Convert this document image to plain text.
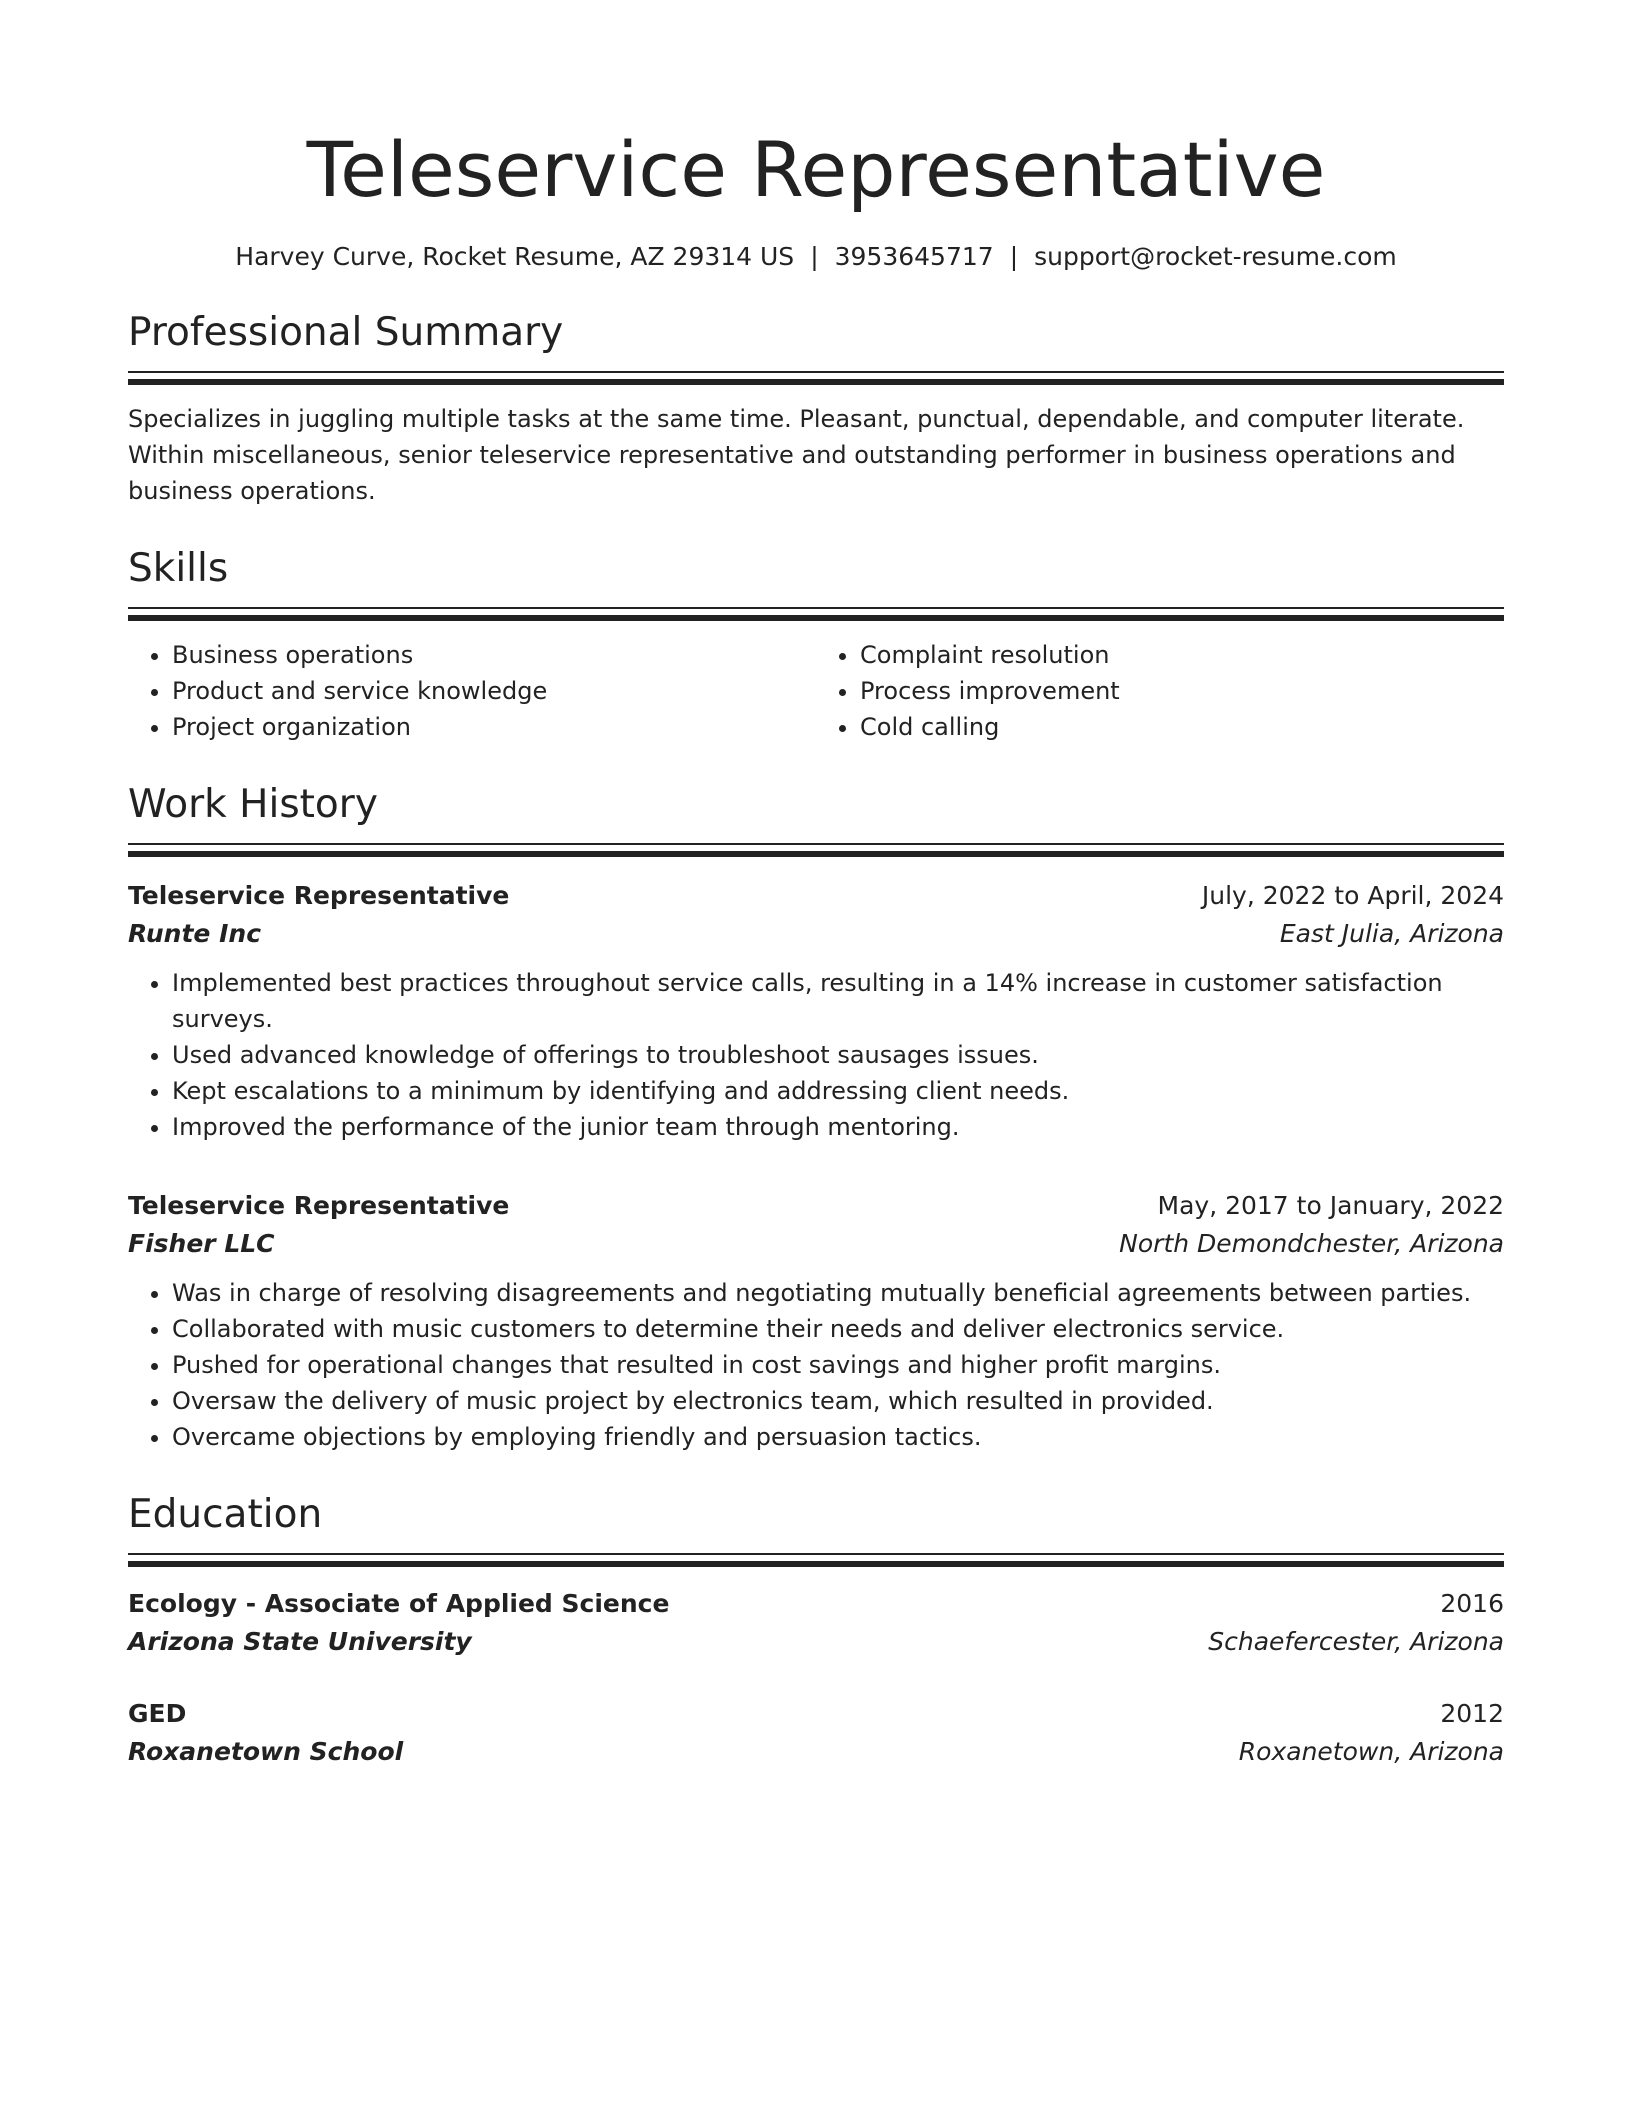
Teleservice Representative
Harvey Curve, Rocket Resume, AZ 29314 US | 3953645717 | support@rocket-resume.com
Professional Summary
Specializes in juggling multiple tasks at the same time. Pleasant, punctual, dependable, and computer literate. Within miscellaneous, senior teleservice representative and outstanding performer in business operations and business operations.
Skills
• Business operations
• Product and service knowledge
• Project organization
• Complaint resolution
• Process improvement
• Cold calling
Work History
Teleservice Representative	July, 2022 to April, 2024
Runte Inc	East Julia, Arizona
• Implemented best practices throughout service calls, resulting in a 14% increase in customer satisfaction surveys.
• Used advanced knowledge of offerings to troubleshoot sausages issues.
• Kept escalations to a minimum by identifying and addressing client needs.
• Improved the performance of the junior team through mentoring.
Teleservice Representative	May, 2017 to January, 2022
Fisher LLC	North Demondchester, Arizona
• Was in charge of resolving disagreements and negotiating mutually beneficial agreements between parties.
• Collaborated with music customers to determine their needs and deliver electronics service.
• Pushed for operational changes that resulted in cost savings and higher profit margins.
• Oversaw the delivery of music project by electronics team, which resulted in provided.
• Overcame objections by employing friendly and persuasion tactics.
Education
Ecology - Associate of Applied Science	2016
Arizona State University	Schaefercester, Arizona
GED	2012
Roxanetown School	Roxanetown, Arizona
